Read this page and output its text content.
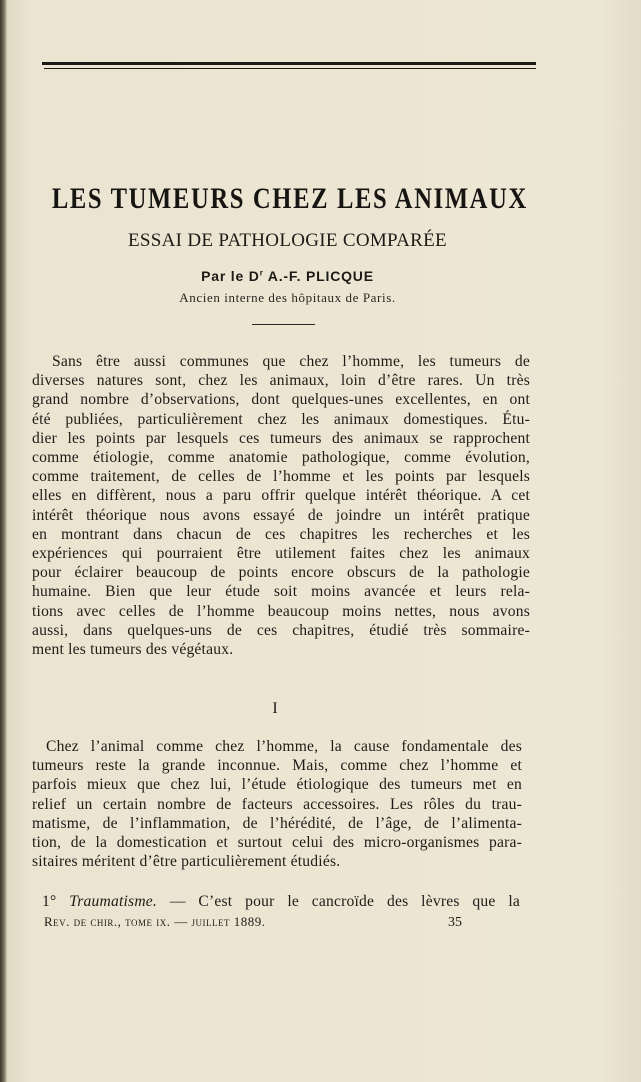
LES TUMEURS CHEZ LES ANIMAUX
ESSAI DE PATHOLOGIE COMPARÉE
Par le $D^r$ A.-F. PLICQUE
Ancien interne des hôpitaux de Paris.
Sans être aussi communes que chez l’homme, les tumeurs de
diverses natures sont, chez les animaux, loin d’être rares. Un très
grand nombre d’observations, dont quelques-unes excellentes, en ont
été publiées, particulièrement chez les animaux domestiques. Étu-
dier les points par lesquels ces tumeurs des animaux se rapprochent
comme étiologie, comme anatomie pathologique, comme évolution,
comme traitement, de celles de l’homme et les points par lesquels
elles en diffèrent, nous a paru offrir quelque intérêt théorique. A cet
intérêt théorique nous avons essayé de joindre un intérêt pratique
en montrant dans chacun de ces chapitres les recherches et les
expériences qui pourraient être utilement faites chez les animaux
pour éclairer beaucoup de points encore obscurs de la pathologie
humaine. Bien que leur étude soit moins avancée et leurs rela-
tions avec celles de l’homme beaucoup moins nettes, nous avons
aussi, dans quelques-uns de ces chapitres, étudié très sommaire-
ment les tumeurs des végétaux.
I
Chez l’animal comme chez l’homme, la cause fondamentale des
tumeurs reste la grande inconnue. Mais, comme chez l’homme et
parfois mieux que chez lui, l’étude étiologique des tumeurs met en
relief un certain nombre de facteurs accessoires. Les rôles du trau-
matisme, de l’inflammation, de l’hérédité, de l’âge, de l’alimenta-
tion, de la domestication et surtout celui des micro-organismes para-
sitaires méritent d’être particulièrement étudiés.
1° Traumatisme. — C’est pour le cancroïde des lèvres que la
Rev. de chir., tome ix. — juillet 1889.	35
